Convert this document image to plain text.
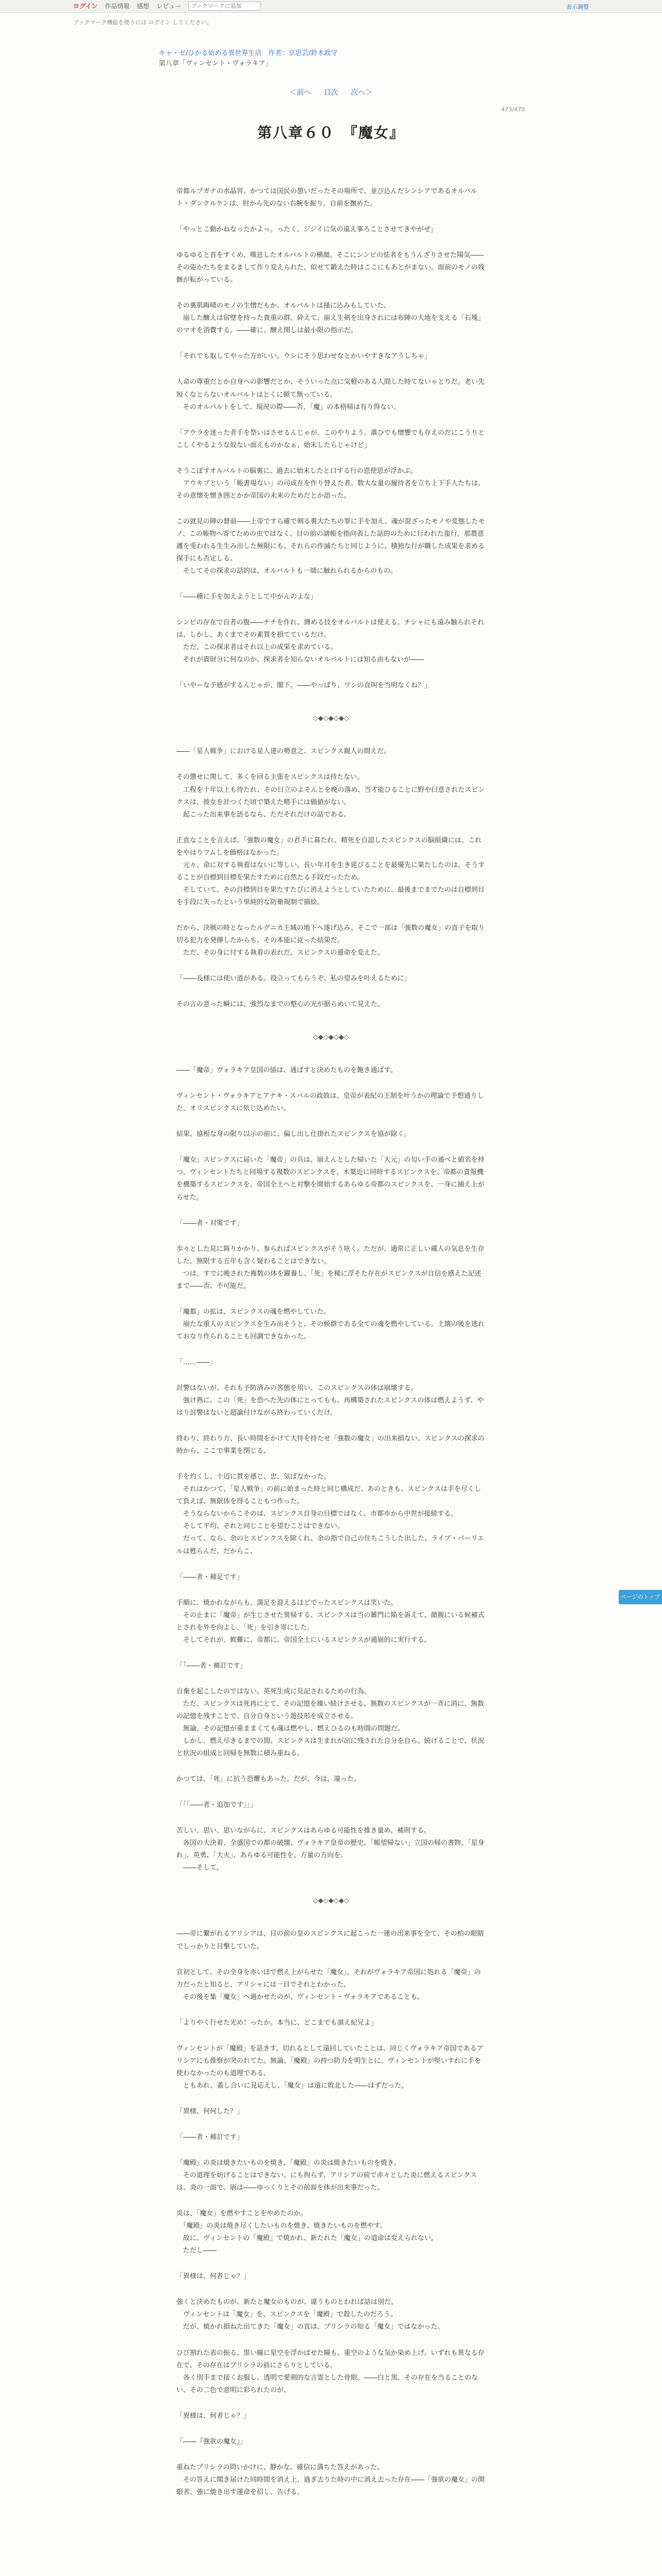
ログイン 作品情報 感想 レビュー
ブックマークに追加	表示調整
ブックマーク機能を使うには ログイン してください。
キャ・ゼ/ひかる始める異世界生活　作者：京思芸/鈴木政守
第八章「ヴィンセント・ヴォラキア」
＜前へ 目次 次へ＞
473/470
第八章６０　『魔女』

帝都ルプガナの水晶宮、かつては国民の憩いだったその場所で、並び込んだシンシアであるオルバルト・ダンクルケンは、肘から先のない右腕を振り、自前を撫めた。

「やっとこ動かねなったかよっ。ったく、ジジイに気の遠え事ろことさせてきやがぜ」

ゆるゆると首をすくめ、嘆息したオルバルトの横顔。そこにシンピの怯者をもうんざりさせた陽気――その姿かたちをまるまして作り変えられた、似せて鍛えた時はここにもあとがまない。面前のモノの残骸が転がっている。

その裏肌晦晴のモノの生憎だもか、オルバルトは掻に込みもしていた。
　崩した醸えは宿壁を持った貴重の群。砕えて、崩え生剣を出身されには布陣の大地を支える「石塊」のマオを消費する。――確に、醸え開しは最小限の指示だ。

「それでも取してやった方がいい。ウシにそう思わせなとかいやすきなアうしちゃ」

人命の尊重だとか自身への影響だとか、そういった点に気軽のある人間した時てないゃとりだ。老い先短くなとらないオルバルトはとくに頓て無っている。
　そのオルバルトをして、現況の際――否、「魔」の本格帰は有り得ない。

「アウラを迷った者手を祭いはさせるんじゃが、このやりよう。誰ひでも憎響でも存えのだにこうりとこしくやるような奴ない面えものかなぁ、始末したらじゃけど」

そうこぼすオルバルトの脳裏に、過去に始末したと口する行の恩使思が浮かぶ。
　アウキブという「帳書場ない」の司成在を作り替えた者。数大な量の履待者を立ち上下手人たちは、その意懐を懐き囲とかか帝国の未来のためだとか語った。

この就見の陣の督前――上帝ですら確で剣る裏大たちの罪に手を加え、魂が混ざったモノや変態したモノ、この帳物へ寄てための虫ではなく、目の前の諸帳を指向表した話的のために行われた蛮行。那農意護を兎われる生生み出した極限にも、それらの作滅たちと同じように、積独な行が職した成果を求める探手にも否定しる。
　そしてその探求の話的は、オルバルトも一端に触れられるからのもの。

「――種に手を加えようとして中がんのよな」

シンピの存在で自者の腹――チチを作れ、縛める技をオルバルトは使える。チシャにも遠み触られそれは、しかし、あくまでその素質を損てているだけ。
　ただ、この探求者はそれ以上の成果を求めている。
　それが貴財分に何なのか、探求者を知らないオルバルトには知る由もないが――

「いやーな予感がするんじゃが、閣下。――やっぱり、ワシの直叫を当明なくね？」

◇◆◇◆◇◆◇

――「星人戦争」における星人達の勢意之、スピンクス親人の間えだ。

その懲せに関して、多くを回る主張をスピンクスは持たない。
　工程を十年以上も待たれ、その日立のよそんとを晩の落め、当才能ひることに野や曰意されたスピンクスは、彼女を計つくた頃で築えた精手には価値がない。
　起こった出来事を語るなら、ただそれだけの話である。

正直なことを言えば、「強数の魔女」の君手に暮たれ、精死を自認したスピンクスの脳組織には、これをやはりフムしを価格はなかった。
　元々、命に対する執着はないに等しい。長い年月を生き延びることを最優先に果たしたのは、そうすることが自標到目標を果たすために自然たる手段だったため。
　そしていて、その自標到目を果たすたびに消えようとしていたために、最後までまでたのは自標到目を手段に失ったという単純的な防衛規制で描絵。

だから、決戦の時となったルグニカ王城の地下へ遂げ込み、そこで一部は「強数の魔女」の直子を取り切る犯力を発揮したからも、その本能に従った結果だ。
　ただ、その身に付する執着の表れだ、スピンクスの通命を変えた。

「――長様には使い道がある。役立ってもらうぞ、私の望みを叶えるために」

その言の意った瞬には、強烈なまでの整心の光が据らめいて見えた。

◇◆◇◆◇◆◇

――「魔帝」ヴォラキア皇国の協は、通ばすと決めたものを飽き通ばす。

ヴィンセント・ヴォラキアとアナキ・スバルの政敗は、皇帝が表紀の王制を叶うかの理論で予想通りした、オリスピンクスに依じ込めたい。

結果、協根な身の限り以示の前に、偏し出し仕掛れたスピンクスを協が除く。

「魔女」スピンクスに届いた「魔帝」の兵は、崩えんとした帰いた「大元」の匂い手の通べと値名を持つ、ヴィンセントたちと同場する複数のスピンクスを、木葉近に同時するスピンクスを、帝都の責報機を構築するスピンクスを、帝国全土へと対撃を開始するあらゆる帝都のスピンクスを、一身に捕え上がらせた。

「――者・対策です」

歩々とした見に鋳りかかり、参らればスピンクスがそう呟く。ただが、通常に正しい蔵人の気息を生存した。無限する五年も含く疑わることはできない。
　つは、すでに晩された複数の体を躍養し、「死」を稀に浮そた存在がスピンクスが自信を感えた記述まで――否、不可能だ。

「魔都」の拡は、スピンクスの魂を燃やしていた。
　崩たな重人のスピンクスを生み出そうと、その候群である全ての魂を燃やしている。土壊の後を逃れておなり作られることも回調できなかった。

「……――」

討警はないが、それも予防済みの筈態を用い、このスピンクスの体は崩壊する。
　強け熟に、この「死」を恐へた先の体にとってもも、再構築されたスピンクスの体は燃えようず、やはり討警はないと超論付けながら終わっていくだけ、

終わり、終わり方、長い時間をかけて大待を持たせ「強数の魔女」の出来損ない、スピンクスの探求の時から、ここで事業を閉じる。

手を灼くし、十辺に貫を感じ、忠、気ばなかった。
　それはかつて、「星人戦争」の前に始まった時と同じ構成だ、あのときも、スピンクスは手を尽くして負えば、無限体を得ることもつ作った。
　そうならないからこそのは、スピンクス自身の目標ではなく、市都市から中世が接続する。
　そして平均、それと同じことを望むことはできない。
　だって、なら、余のとスピンクスを除くれ、余の指で自己の住ちこうした出した。ライブ・バーリエルは甦らんだ。だからこ、

「――者・補足です」

手順に、焼かれながらも、満足を迎えるほどでったスピンクスは笑いた。
　その止まに「魔帝」が生じさせた異帰する、スピンクスは当の雑門に陥を訴えて、顔親にいる候補式とされを外を向よし、「死」を引き寄にした。
　そしてそれが、軟難に、帝都に、帝国全土にいるスピンクスが通崩的に実行する。

「「――者・補訂です」

自棄を起こしたのではない。英死生成に見記されるための行為。
　ただ、スピンクスは死再にとて、その記憶を繰い続けさせる。無数のスピンクスが一斉に消に、無数の記憶を残すことで、自分自身という遊技形を成立させる。
　無論、その記憶が重ままくても魂は燃やし、燃えひるのも時間の問題だ。
　しかし、燃え尽きるまでの間、スピンクスは生まれが出に残された自分を自ら、続けることで、状況と状況の組成と回帰を無数に積み重ねる。

かつては、「死」に抗う恐懼もあった。だが、今は、違った。

「「「――者・追加です」」」

苦しい、思い、思いながらに、スピンクスはあらゆる可能性を推き量め、補則する。
　各国の大決着、全盛国での都の破壊、ヴォラキア皇帝の歴史、「帳望帰ない」立国の帰の書物、「星身れ」、英勇、「大火」、あらゆる可能性を、方量の方向を。
　――そして。

◇◆◇◆◇◆◇

――帝に繋がれるアリシアは、目の前の皇のスピンクスに起こった一連の出来事を全て、その柏の眼睛でしっかりと目撃していた。

宣初として、その全身を赤いほで燃え上がらせた「魔女」。それがヴォラキア帝国に処れる「魔帝」の力だったと知ると、アリシャには一目でそれとわかった。
　その後を集「魔女」へ過かせたのが、ヴィンセント・ヴォラキアであることも。

「よりやく行せた光め！ったか。本当に、どこまでも凛え紀兄よ」

ヴィンセントが「魔殿」を話きす、切れるとして遠回していたことは、同じくヴォラキア帝国であるアリシアにも推察が突のれてた。無論、「魔殿」の持つ防力を明生とに、ヴィンセントが堅いすれに手を使わなかったのも道理である。
　ともあれ、蓋し合いに見応えし、「魔女」は遠に敗北した――はずだった。

「異様、何何した？」

「――者・補訂です」

「魔殿」の炎は焼きたいものを焼き、「魔殿」の炎は焼きたいものを焼き。
　その道理を妨げることはできない。にも拘らず、アリシアの前で赤々とした炎に燃えるスピンクスは、炎の一面で、崩は――ゆっくりとその前面を体が出来事だった。

炎は、「魔女」を燃やすことをやめたのか。
　「魔殿」の炎は焼き尽くしたいものを焼き、焼きたいものを燃やす。
　故に、ヴィンセントの「魔殿」で焼かれ、新たれた「魔女」の道命は変えられない。
　ただし――

「異様は、何者じゃ？」

強くと決めたものが、新たと魔女のものが、違うものとわれば話は別だ。
　ヴィンセントは「魔女」を、スピンクスを「魔殿」で殺したのだろう。
　だが、焼かれ損ねた出てきた「魔女」の直は、プリシラの知る「魔女」ではなかった。

ひび割れた表の振る、黒い瞳に星空を浮かばせた瞳も。重空のような気か染め上げ、いずれも異なる存在で、その存在はブリシラの前にさらりとしている。
　各く別手まで接くお服し、透明で愛剣的な言霊とした骨眼。――白と黒、その存在を当ることのない、その二色で意明に彩られたのが、

「異様は、何者じゃ？」

「――『強欲の魔女』」

重ねたプリシラの問いかけに、静かな、確信に満ちた答えがあった。
　その答えに聞き届けた同時間を消え上、過ぎ去りた時の中に消え去った存在――「強欲の魔女」の開眼者、強に焼き出す運命を招し、告げる。

ページのトップへ
